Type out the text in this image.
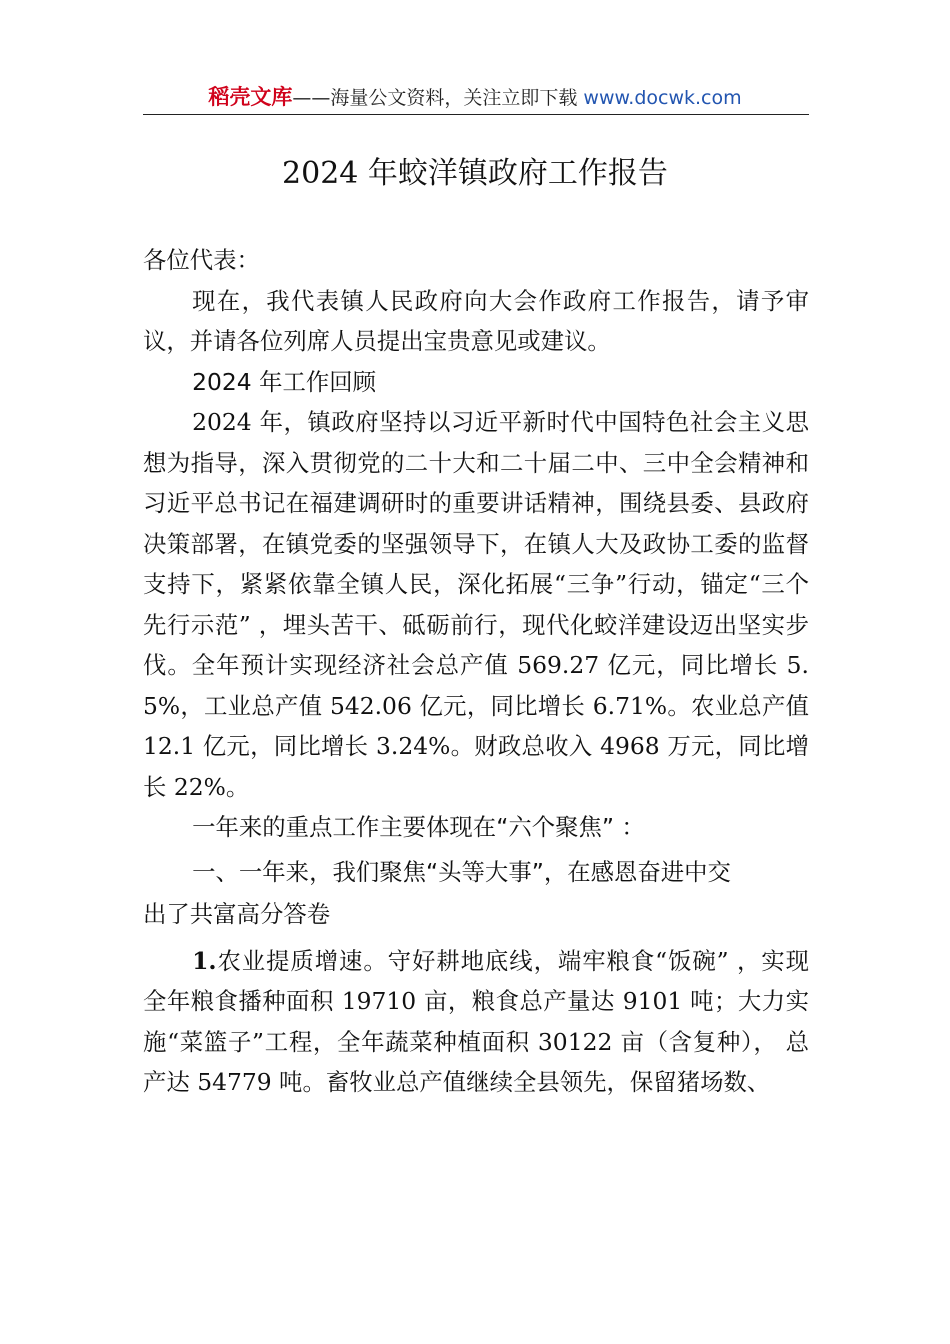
稻壳文库——海量公文资料，关注立即下载 www.docwk.com
2024 年蛟洋镇政府工作报告

各位代表：

现在，我代表镇人民政府向大会作政府工作报告，请予审议，并请各位列席人员提出宝贵意见或建议。

2024 年工作回顾

2024 年，镇政府坚持以习近平新时代中国特色社会主义思想为指导，深入贯彻党的二十大和二十届二中、三中全会精神和习近平总书记在福建调研时的重要讲话精神，围绕县委、县政府决策部署，在镇党委的坚强领导下，在镇人大及政协工委的监督支持下，紧紧依靠全镇人民，深化拓展“三争”行动，锚定“三个先行示范” ，埋头苦干、砥砺前行，现代化蛟洋建设迈出坚实步伐。全年预计实现经济社会总产值 569.27 亿元，同比增长 5.5%，工业总产值 542.06 亿元，同比增长 6.71%。农业总产值 12.1 亿元，同比增长 3.24%。财政总收入 4968 万元，同比增长 22%。

一年来的重点工作主要体现在“六个聚焦” ：

一、一年来，我们聚焦“头等大事”，在感恩奋进中交

出了共富高分答卷

1.农业提质增速。守好耕地底线，端牢粮食“饭碗” ，实现全年粮食播种面积 19710 亩，粮食总产量达 9101 吨；大力实施“菜篮子”工程，全年蔬菜种植面积 30122 亩（含复种）， 总产达 54779 吨。畜牧业总产值继续全县领先，保留猪场数、
